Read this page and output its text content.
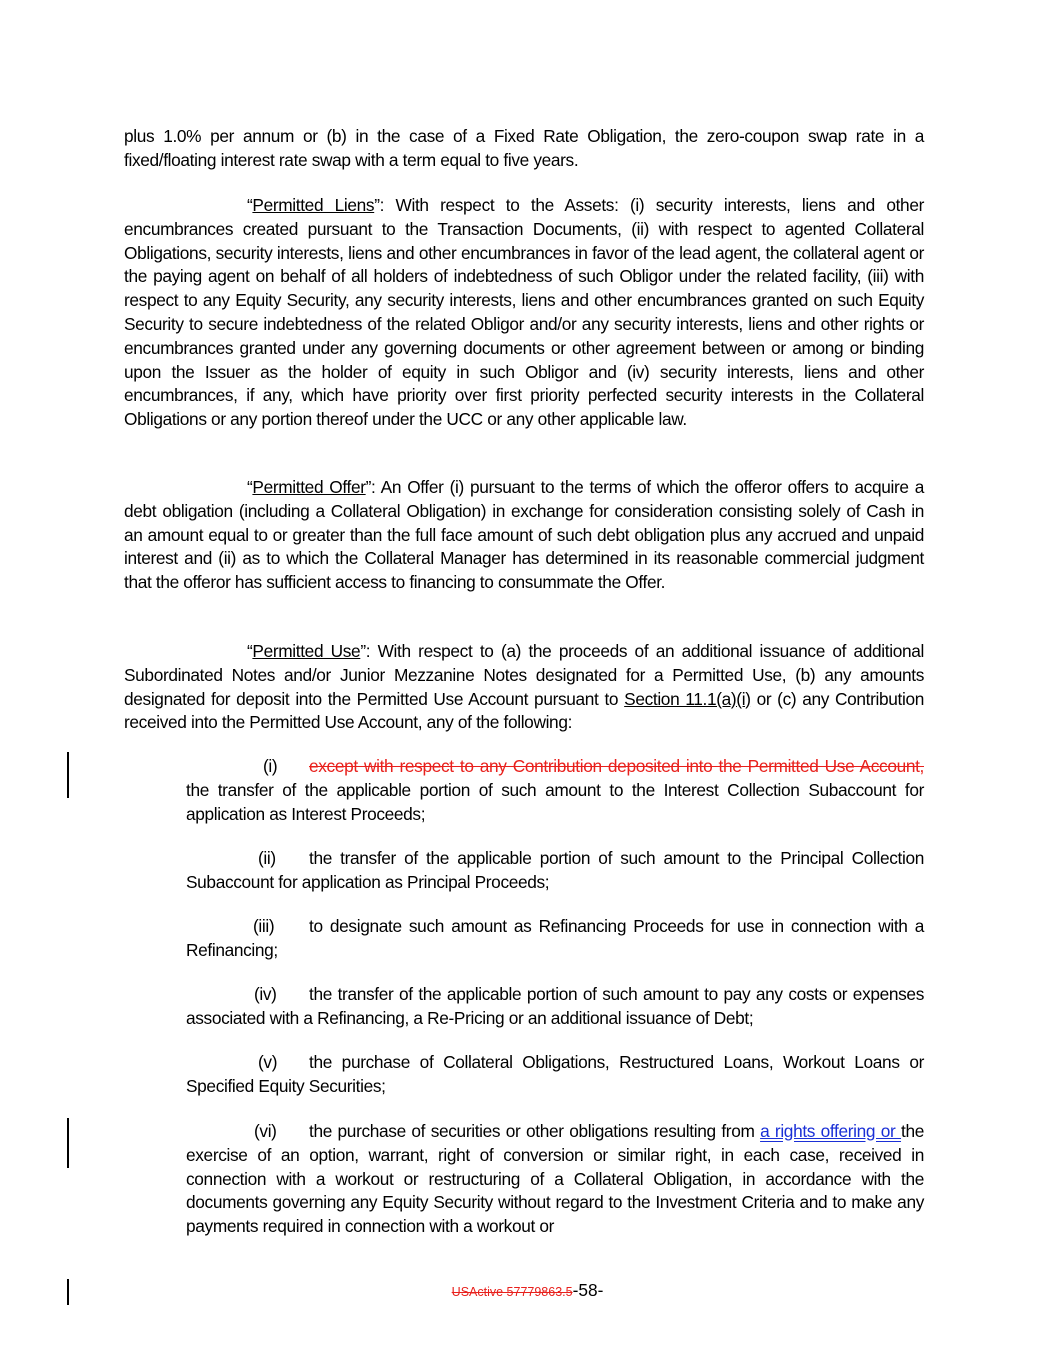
plus 1.0% per annum or (b) in the case of a Fixed Rate Obligation, the zero-coupon swap rate in a fixed/floating interest rate swap with a term equal to five years.

“Permitted Liens”: With respect to the Assets: (i) security interests, liens and other encumbrances created pursuant to the Transaction Documents, (ii) with respect to agented Collateral Obligations, security interests, liens and other encumbrances in favor of the lead agent, the collateral agent or the paying agent on behalf of all holders of indebtedness of such Obligor under the related facility, (iii) with respect to any Equity Security, any security interests, liens and other encumbrances granted on such Equity Security to secure indebtedness of the related Obligor and/or any security interests, liens and other rights or encumbrances granted under any governing documents or other agreement between or among or binding upon the Issuer as the holder of equity in such Obligor and (iv) security interests, liens and other encumbrances, if any, which have priority over first priority perfected security interests in the Collateral Obligations or any portion thereof under the UCC or any other applicable law.

“Permitted Offer”: An Offer (i) pursuant to the terms of which the offeror offers to acquire a debt obligation (including a Collateral Obligation) in exchange for consideration consisting solely of Cash in an amount equal to or greater than the full face amount of such debt obligation plus any accrued and unpaid interest and (ii) as to which the Collateral Manager has determined in its reasonable commercial judgment that the offeror has sufficient access to financing to consummate the Offer.

“Permitted Use”: With respect to (a) the proceeds of an additional issuance of additional Subordinated Notes and/or Junior Mezzanine Notes designated for a Permitted Use, (b) any amounts designated for deposit into the Permitted Use Account pursuant to Section 11.1(a)(i) or (c) any Contribution received into the Permitted Use Account, any of the following:

(i) except with respect to any Contribution deposited into the Permitted Use Account, the transfer of the applicable portion of such amount to the Interest Collection Subaccount for application as Interest Proceeds;

(ii) the transfer of the applicable portion of such amount to the Principal Collection Subaccount for application as Principal Proceeds;

(iii) to designate such amount as Refinancing Proceeds for use in connection with a Refinancing;

(iv) the transfer of the applicable portion of such amount to pay any costs or expenses associated with a Refinancing, a Re-Pricing or an additional issuance of Debt;

(v) the purchase of Collateral Obligations, Restructured Loans, Workout Loans or Specified Equity Securities;

(vi) the purchase of securities or other obligations resulting from a rights offering or the exercise of an option, warrant, right of conversion or similar right, in each case, received in connection with a workout or restructuring of a Collateral Obligation, in accordance with the documents governing any Equity Security without regard to the Investment Criteria and to make any payments required in connection with a workout or

USActive 57779863.5-58-
